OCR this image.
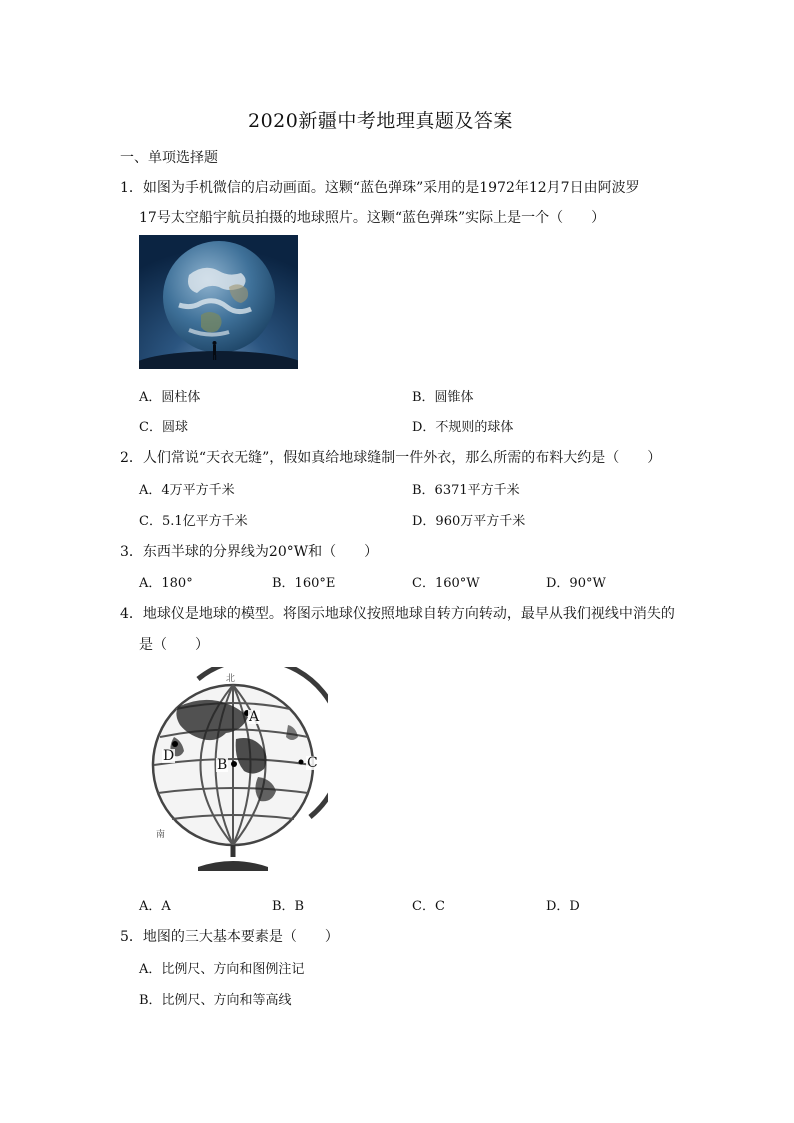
2020新疆中考地理真题及答案
一、单项选择题
1．如图为手机微信的启动画面。这颗“蓝色弹珠”采用的是1972年12月7日由阿波罗
17号太空船宇航员拍摄的地球照片。这颗“蓝色弹珠”实际上是一个（　　）
A．圆柱体	B．圆锥体
C．圆球	D．不规则的球体
2．人们常说“天衣无缝”，假如真给地球缝制一件外衣，那么所需的布料大约是（　　）
A．4万平方千米	B．6371平方千米
C．5.1亿平方千米	D．960万平方千米
3．东西半球的分界线为20°W和（　　）
A．180°	B．160°E	C．160°W	D．90°W
4．地球仪是地球的模型。将图示地球仪按照地球自转方向转动，最早从我们视线中消失的
是（　　）
北
南
A
B	C
D
A．A	B．B	C．C	D．D
5．地图的三大基本要素是（　　）
A．比例尺、方向和图例注记
B．比例尺、方向和等高线
